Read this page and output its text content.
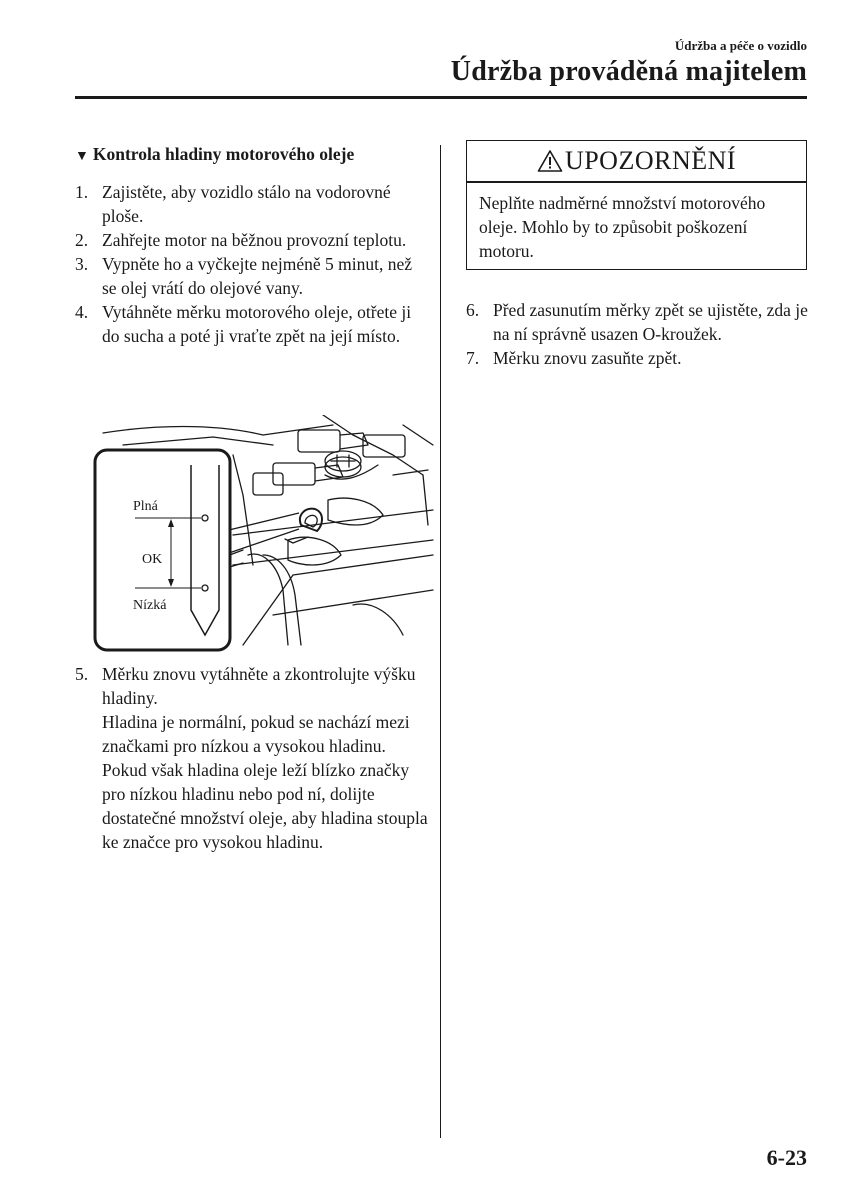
Údržba a péče o vozidlo
Údržba prováděná majitelem
▼ Kontrola hladiny motorového oleje
1. Zajistěte, aby vozidlo stálo na vodorovné ploše.

2. Zahřejte motor na běžnou provozní teplotu.

3. Vypněte ho a vyčkejte nejméně 5 minut, než se olej vrátí do olejové vany.

4. Vytáhněte měrku motorového oleje, otřete ji do sucha a poté ji vraťte zpět na její místo.

Plná
OK
Nízká
5. Měrku znovu vytáhněte a zkontrolujte výšku hladiny.

Hladina je normální, pokud se nachází mezi značkami pro nízkou a vysokou hladinu.

Pokud však hladina oleje leží blízko značky pro nízkou hladinu nebo pod ní, dolijte dostatečné množství oleje, aby hladina stoupla ke značce pro vysokou hladinu.

UPOZORNĚNÍ
Neplňte nadměrné množství motorového oleje. Mohlo by to způsobit poškození motoru.
6. Před zasunutím měrky zpět se ujistěte, zda je na ní správně usazen O-kroužek.

7. Měrku znovu zasuňte zpět.

6-23
